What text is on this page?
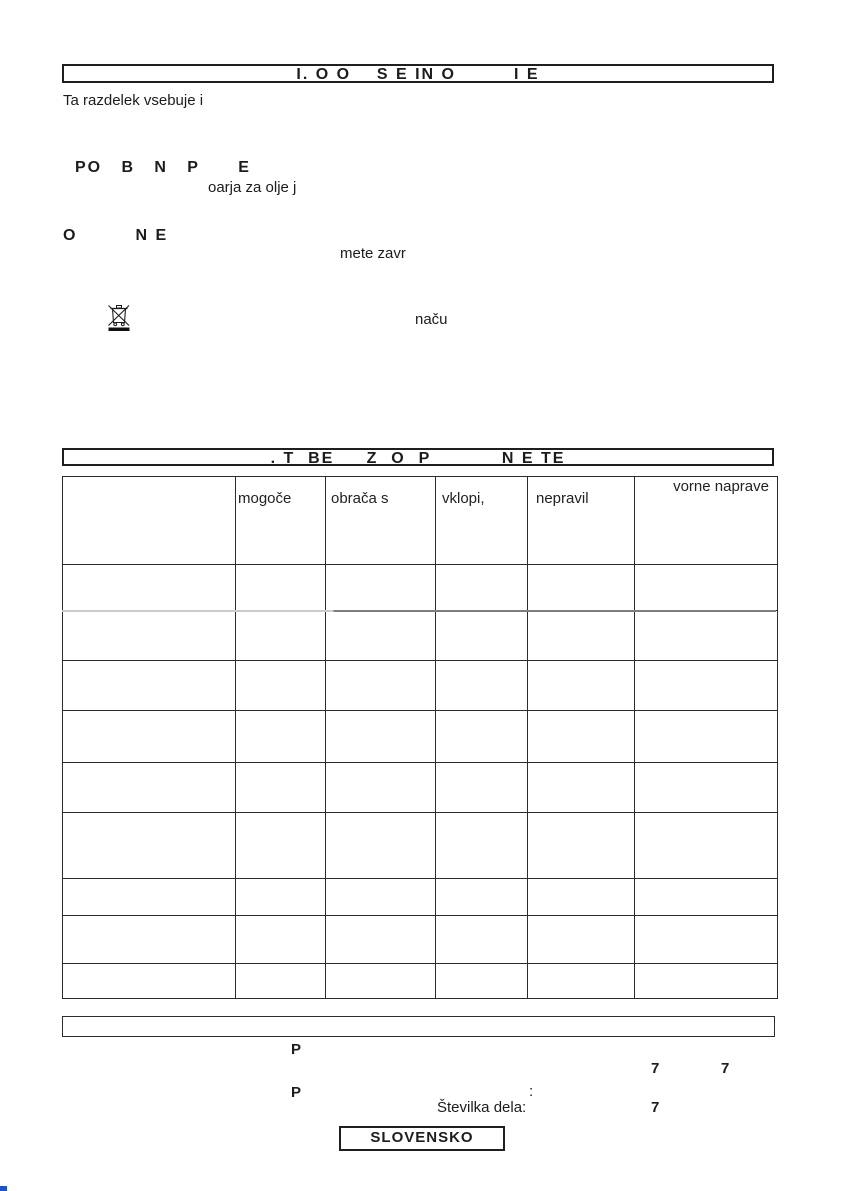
I. O O    S E IN O         I E
Ta razdelek vsebuje i
PO   B   N   P      E
oarja za olje j
O         N E
mete zavr
naču
. T  BE     Z  O  P           N E TE
	mogoče	obrača s	vklopi,	nepravil	vorne naprave

P
7	7
P	:
Številka dela:	7
SLOVENSKO
